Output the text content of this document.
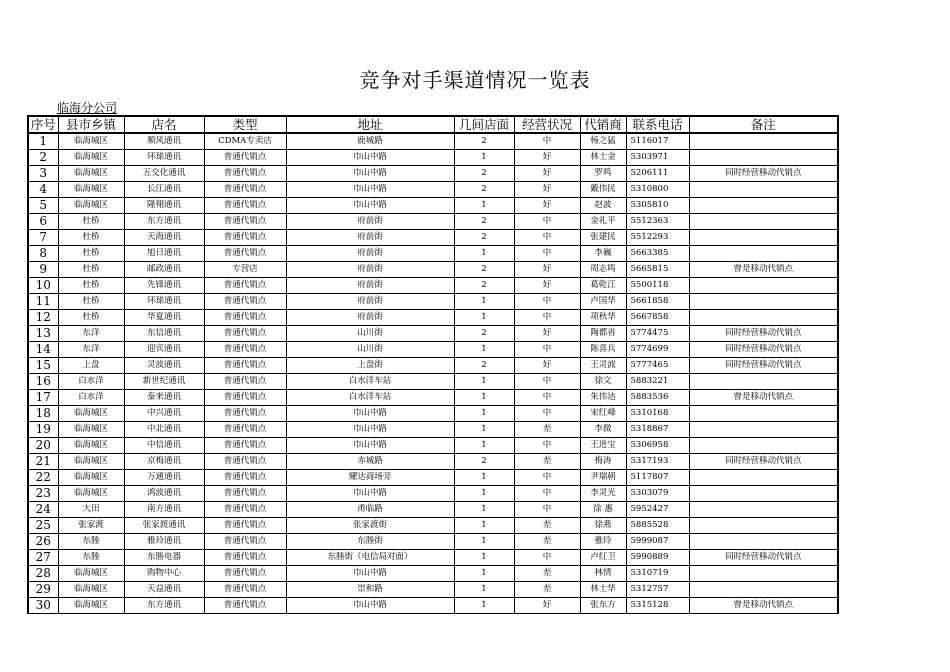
竞争对手渠道情况一览表
临海分公司
序号	县市乡镇	店名	类型	地址	几间店面	经营状况	代销商	联系电话	备注
1	临海城区	顺风通讯	CDMA专卖店	鹿城路	2	中	杨之猛	5116017	
2	临海城区	环球通讯	普通代销点	巾山中路	1	好	林士金	5303971	
3	临海城区	五交化通讯	普通代销点	巾山中路	2	好	罗鸣	5206111	同时经营移动代销点
4	临海城区	长江通讯	普通代销点	巾山中路	2	好	戴伟民	5310800	
5	临海城区	隆翔通讯	普通代销点	巾山中路	1	好	赵波	5305810	
6	杜桥	东方通讯	普通代销点	府前街	2	中	金礼平	5512363	
7	杜桥	天海通讯	普通代销点	府前街	2	中	张建民	5512293	
8	杜桥	旭日通讯	普通代销点	府前街	1	中	李巍	5663385	
9	杜桥	邮政通讯	专营店	府前街	2	好	周志鸣	5665815	曾是移动代销点
10	杜桥	先锋通讯	普通代销点	府前街	2	好	葛乾江	5500118	
11	杜桥	环球通讯	普通代销点	府前街	1	中	卢国华	5661858	
12	杜桥	华夏通讯	普通代销点	府前街	1	中	项秋华	5667858	
13	东洋	东信通讯	普通代销点	山川街	2	好	陶都省	5774475	同时经营移动代销点
14	东洋	迎宾通讯	普通代销点	山川街	1	中	陈喜兵	5774699	同时经营移动代销点
15	上盘	灵波通讯	普通代销点	上盘街	2	好	王灵波	5777465	同时经营移动代销点
16	白水洋	新世纪通讯	普通代销点	白水洋车站	1	中	徐文	5883221	
17	白水洋	泰来通讯	普通代销点	白水洋车站	1	中	朱伟达	5883536	曾是移动代销点
18	临海城区	中兴通讯	普通代销点	巾山中路	1	中	宋红峰	5310168	
19	临海城区	中北通讯	普通代销点	巾山中路	1	差	李微	5318867	
20	临海城区	中信通讯	普通代销点	巾山中路	1	中	王进宝	5306958	
21	临海城区	京梅通讯	普通代销点	赤城路	2	差	梅涛	5317193	同时经营移动代销点
22	临海城区	万通通讯	普通代销点	耀达商场旁	1	中	尹瑞朝	5117807	
23	临海城区	鸿波通讯	普通代销点	巾山中路	1	中	李灵光	5303079	
24	大田	南方通讯	普通代销点	甬临路	1	中	徐 惠	5952427	
25	张家渡	张家渡通讯	普通代销点	张家渡街	1	差	徐燕	5885528	
26	东塍	雅玲通讯	普通代销点	东塍街	1	差	雅玲	5999087	
27	东塍	东塍电器	普通代销点	东塍街（电信局对面）	1	中	卢红卫	5990889	同时经营移动代销点
28	临海城区	购物中心	普通代销点	巾山中路	1	差	林情	5310719	
29	临海城区	天益通讯	普通代销点	崇和路	1	差	林士华	5312757	
30	临海城区	东方通讯	普通代销点	巾山中路	1	好	张东方	5315128	曾是移动代销点
